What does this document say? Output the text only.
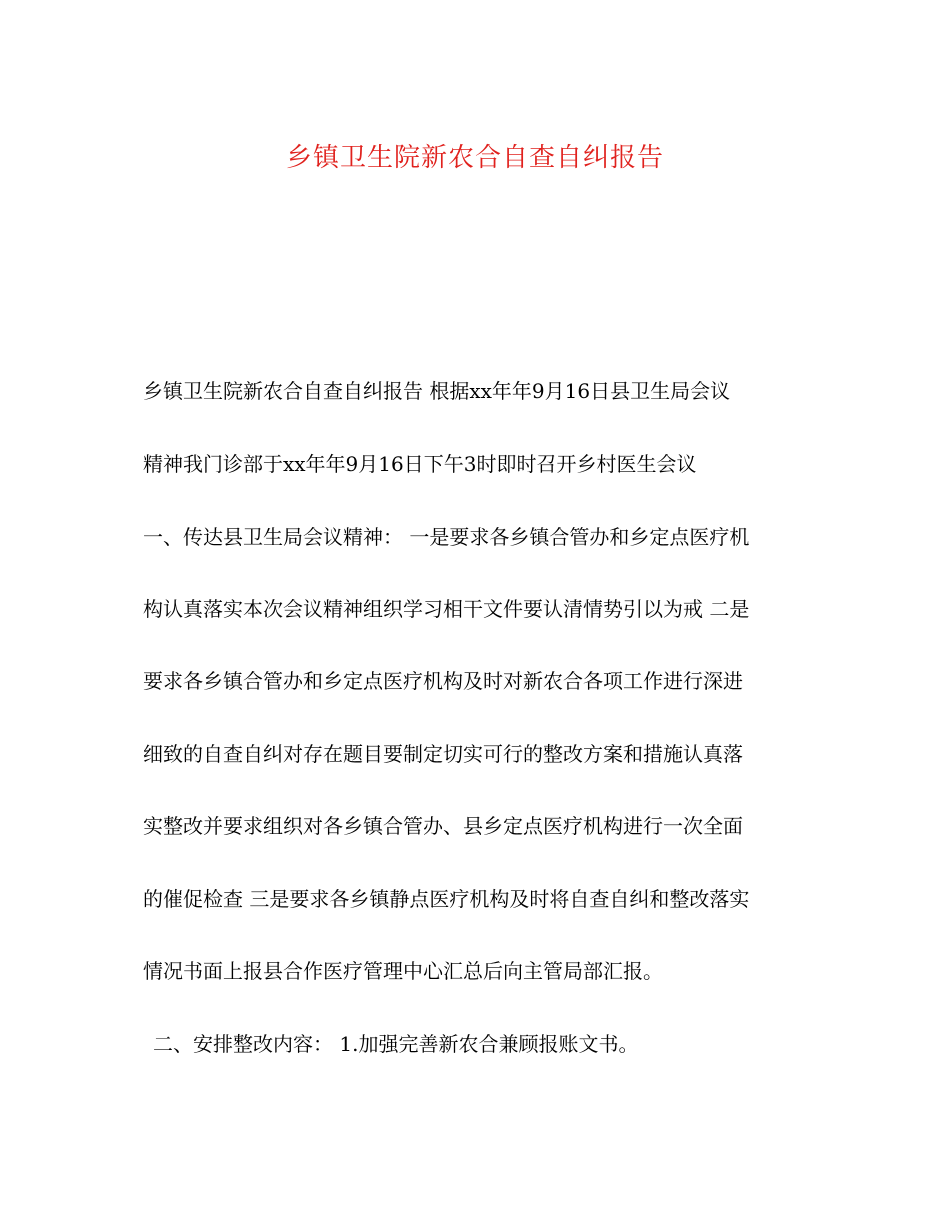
乡镇卫生院新农合自查自纠报告

乡镇卫生院新农合自查自纠报告 根据xx年年9月16日县卫生局会议

精神我门诊部于xx年年9月16日下午3时即时召开乡村医生会议

一、传达县卫生局会议精神： 一是要求各乡镇合管办和乡定点医疗机

构认真落实本次会议精神组织学习相干文件要认清情势引以为戒 二是

要求各乡镇合管办和乡定点医疗机构及时对新农合各项工作进行深进

细致的自查自纠对存在题目要制定切实可行的整改方案和措施认真落

实整改并要求组织对各乡镇合管办、县乡定点医疗机构进行一次全面

的催促检查 三是要求各乡镇静点医疗机构及时将自查自纠和整改落实

情况书面上报县合作医疗管理中心汇总后向主管局部汇报。

二、安排整改内容： 1.加强完善新农合兼顾报账文书。
